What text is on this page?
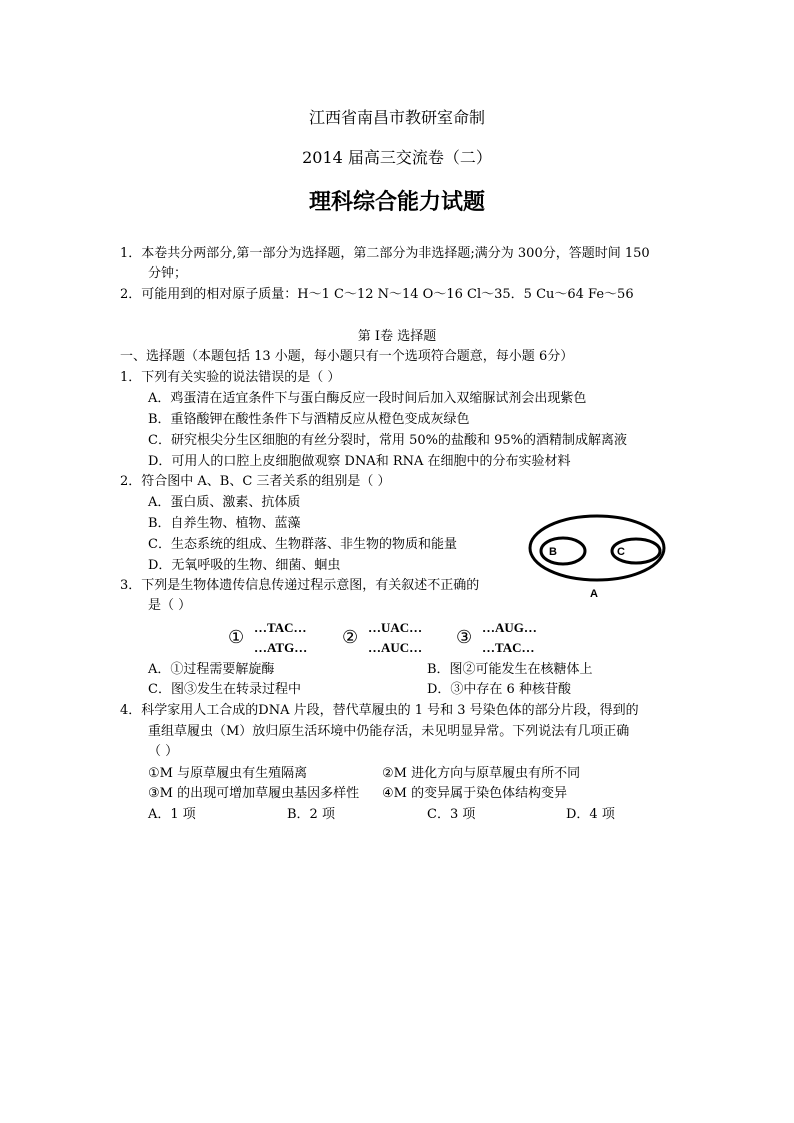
江西省南昌市教研室命制
2014 届高三交流卷（二）
理科综合能力试题
1．本卷共分两部分,第一部分为选择题，第二部分为非选择题;满分为 300分，答题时间 150
分钟；
2．可能用到的相对原子质量：H～1 C～12 N～14 O～16 Cl～35．5 Cu～64 Fe～56
第 I卷 选择题
一、选择题（本题包括 13 小题，每小题只有一个选项符合题意，每小题 6分）
1．下列有关实验的说法错误的是（ ）
A．鸡蛋清在适宜条件下与蛋白酶反应一段时间后加入双缩脲试剂会出现紫色
B．重铬酸钾在酸性条件下与酒精反应从橙色变成灰绿色
C．研究根尖分生区细胞的有丝分裂时，常用 50%的盐酸和 95%的酒精制成解离液
D．可用人的口腔上皮细胞做观察 DNA和 RNA 在细胞中的分布实验材料
2．符合图中 A、B、C 三者关系的组别是（ ）
A．蛋白质、激素、抗体质
B．自养生物、植物、蓝藻
C．生态系统的组成、生物群落、非生物的物质和能量
D．无氧呼吸的生物、细菌、蛔虫
B	C
A
3．下列是生物体遗传信息传递过程示意图，有关叙述不正确的
是（ ）
① …TAC…
…ATG… ② …UAC…
…AUC… ③ …AUG…
…TAC…
A．①过程需要解旋酶	B．图②可能发生在核糖体上
C．图③发生在转录过程中	D．③中存在 6 种核苷酸
4．科学家用人工合成的DNA 片段，替代草履虫的 1 号和 3 号染色体的部分片段，得到的
重组草履虫（M）放归原生活环境中仍能存活，未见明显异常。下列说法有几项正确
（ ）
①M 与原草履虫有生殖隔离	②M 进化方向与原草履虫有所不同
③M 的出现可增加草履虫基因多样性 ④M 的变异属于染色体结构变异
A．1 项	B．2 项	C．3 项	D．4 项
